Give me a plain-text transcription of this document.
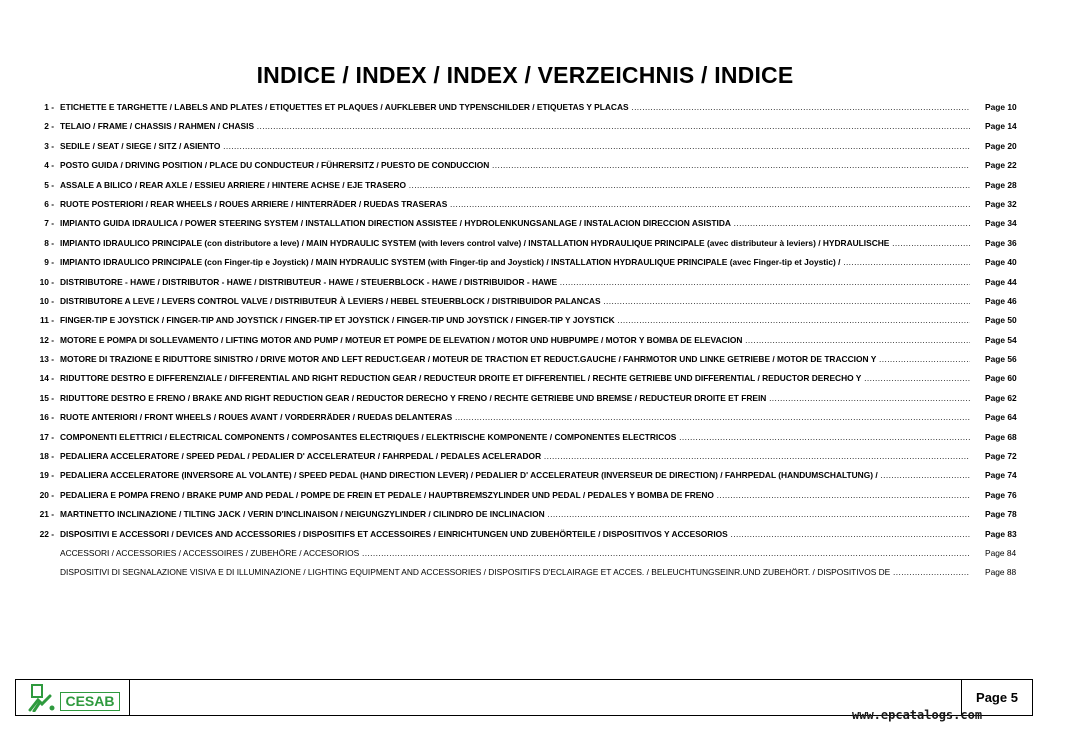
INDICE / INDEX / INDEX / VERZEICHNIS / INDICE
1 - ETICHETTE E TARGHETTE / LABELS AND PLATES / ETIQUETTES ET PLAQUES / AUFKLEBER UND TYPENSCHILDER / ETIQUETAS Y PLACAS .....	Page 10
2 - TELAIO / FRAME / CHASSIS / RAHMEN / CHASIS .....	Page 14
3 - SEDILE / SEAT / SIEGE / SITZ / ASIENTO .....	Page 20
4 - POSTO GUIDA / DRIVING POSITION / PLACE DU CONDUCTEUR / FÜHRERSITZ / PUESTO DE CONDUCCION .....	Page 22
5 - ASSALE A BILICO / REAR AXLE / ESSIEU ARRIERE / HINTERE ACHSE / EJE TRASERO .....	Page 28
6 - RUOTE POSTERIORI / REAR WHEELS / ROUES ARRIERE / HINTERRÄDER / RUEDAS TRASERAS .....	Page 32
7 - IMPIANTO GUIDA IDRAULICA / POWER STEERING SYSTEM / INSTALLATION DIRECTION ASSISTEE / HYDROLENKUNGSANLAGE / INSTALACION DIRECCION ASISTIDA .....	Page 34
8 - IMPIANTO IDRAULICO PRINCIPALE (con distributore a leve) / MAIN HYDRAULIC SYSTEM (with levers control valve) / INSTALLATION HYDRAULIQUE PRINCIPALE (avec distributeur à leviers) / HYDRAULISCHE .....	Page 36
9 - IMPIANTO IDRAULICO PRINCIPALE (con Finger-tip e Joystick) / MAIN HYDRAULIC SYSTEM (with Finger-tip and Joystick) / INSTALLATION HYDRAULIQUE PRINCIPALE (avec Finger-tip et Joystic) / .....	Page 40
10 - DISTRIBUTORE - HAWE / DISTRIBUTOR - HAWE / DISTRIBUTEUR - HAWE / STEUERBLOCK - HAWE / DISTRIBUIDOR - HAWE .....	Page 44
10 - DISTRIBUTORE A LEVE / LEVERS CONTROL VALVE / DISTRIBUTEUR À LEVIERS / HEBEL STEUERBLOCK / DISTRIBUIDOR PALANCAS .....	Page 46
11 - FINGER-TIP E JOYSTICK / FINGER-TIP AND JOYSTICK / FINGER-TIP ET JOYSTICK / FINGER-TIP UND JOYSTICK / FINGER-TIP Y JOYSTICK .....	Page 50
12 - MOTORE E POMPA DI SOLLEVAMENTO / LIFTING MOTOR AND PUMP / MOTEUR ET POMPE DE ELEVATION / MOTOR UND HUBPUMPE / MOTOR Y BOMBA DE ELEVACION .....	Page 54
13 - MOTORE DI TRAZIONE E RIDUTTORE SINISTRO / DRIVE MOTOR AND LEFT REDUCT.GEAR / MOTEUR DE TRACTION ET REDUCT.GAUCHE / FAHRMOTOR UND LINKE GETRIEBE / MOTOR DE TRACCION Y .....	Page 56
14 - RIDUTTORE DESTRO E DIFFERENZIALE / DIFFERENTIAL AND RIGHT REDUCTION GEAR / REDUCTEUR DROITE ET DIFFERENTIEL / RECHTE GETRIEBE UND DIFFERENTIAL / REDUCTOR DERECHO Y .....	Page 60
15 - RIDUTTORE DESTRO E FRENO / BRAKE AND RIGHT REDUCTION GEAR / REDUCTOR DERECHO Y FRENO / RECHTE GETRIEBE UND BREMSE / REDUCTEUR DROITE ET FREIN .....	Page 62
16 - RUOTE ANTERIORI / FRONT WHEELS / ROUES AVANT / VORDERRÄDER / RUEDAS DELANTERAS .....	Page 64
17 - COMPONENTI ELETTRICI / ELECTRICAL COMPONENTS / COMPOSANTES ELECTRIQUES / ELEKTRISCHE KOMPONENTE / COMPONENTES ELECTRICOS .....	Page 68
18 - PEDALIERA ACCELERATORE / SPEED PEDAL / PEDALIER D' ACCELERATEUR / FAHRPEDAL / PEDALES ACELERADOR .....	Page 72
19 - PEDALIERA ACCELERATORE (INVERSORE AL VOLANTE) / SPEED PEDAL (HAND DIRECTION LEVER) / PEDALIER D' ACCELERATEUR (INVERSEUR DE DIRECTION) / FAHRPEDAL (HANDUMSCHALTUNG) / .....	Page 74
20 - PEDALIERA E POMPA FRENO / BRAKE PUMP AND PEDAL / POMPE DE FREIN ET PEDALE / HAUPTBREMSZYLINDER UND PEDAL / PEDALES Y BOMBA DE FRENO .....	Page 76
21 - MARTINETTO INCLINAZIONE / TILTING JACK / VERIN D'INCLINAISON / NEIGUNGZYLINDER / CILINDRO DE INCLINACION .....	Page 78
22 - DISPOSITIVI E ACCESSORI / DEVICES AND ACCESSORIES / DISPOSITIFS ET ACCESSOIRES / EINRICHTUNGEN UND ZUBEHÖRTEILE / DISPOSITIVOS Y ACCESORIOS .....	Page 83
ACCESSORI / ACCESSORIES / ACCESSOIRES / ZUBEHÖRE / ACCESORIOS .....	Page 84
DISPOSITIVI DI SEGNALAZIONE VISIVA E DI ILLUMINAZIONE / LIGHTING EQUIPMENT AND ACCESSORIES / DISPOSITIFS D'ECLAIRAGE ET ACCES. / BELEUCHTUNGSEINR.UND ZUBEHÖRT. / DISPOSITIVOS DE .....	Page 88
CESAB	Page 5
www.epcatalogs.com
